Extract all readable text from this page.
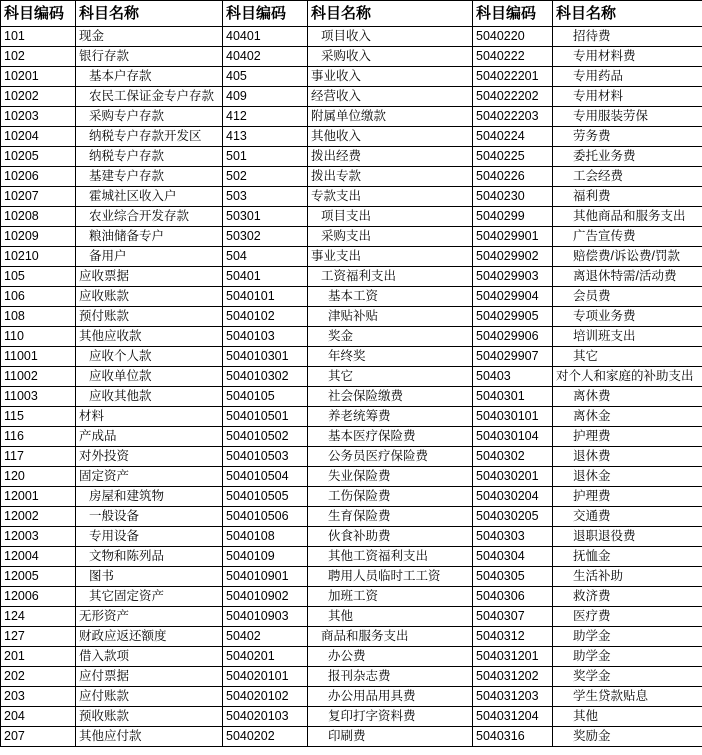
科目编码	科目名称	科目编码	科目名称	科目编码	科目名称
101	现金	40401	项目收入	5040220	招待费
102	银行存款	40402	采购收入	5040222	专用材料费
10201	基本户存款	405	事业收入	504022201	专用药品
10202	农民工保证金专户存款	409	经营收入	504022202	专用材料
10203	采购专户存款	412	附属单位缴款	504022203	专用服装劳保
10204	纳税专户存款开发区	413	其他收入	5040224	劳务费
10205	纳税专户存款	501	拨出经费	5040225	委托业务费
10206	基建专户存款	502	拨出专款	5040226	工会经费
10207	霍城社区收入户	503	专款支出	5040230	福利费
10208	农业综合开发存款	50301	项目支出	5040299	其他商品和服务支出
10209	粮油储备专户	50302	采购支出	504029901	广告宣传费
10210	备用户	504	事业支出	504029902	赔偿费/诉讼费/罚款
105	应收票据	50401	工资福利支出	504029903	离退休特需/活动费
106	应收账款	5040101	基本工资	504029904	会员费
108	预付账款	5040102	津贴补贴	504029905	专项业务费
110	其他应收款	5040103	奖金	504029906	培训班支出
11001	应收个人款	504010301	年终奖	504029907	其它
11002	应收单位款	504010302	其它	50403	对个人和家庭的补助支出
11003	应收其他款	5040105	社会保险缴费	5040301	离休费
115	材料	504010501	养老统筹费	504030101	离休金
116	产成品	504010502	基本医疗保险费	504030104	护理费
117	对外投资	504010503	公务员医疗保险费	5040302	退休费
120	固定资产	504010504	失业保险费	504030201	退休金
12001	房屋和建筑物	504010505	工伤保险费	504030204	护理费
12002	一般设备	504010506	生育保险费	504030205	交通费
12003	专用设备	5040108	伙食补助费	5040303	退职退役费
12004	文物和陈列品	5040109	其他工资福利支出	5040304	抚恤金
12005	图书	504010901	聘用人员临时工工资	5040305	生活补助
12006	其它固定资产	504010902	加班工资	5040306	救济费
124	无形资产	504010903	其他	5040307	医疗费
127	财政应返还额度	50402	商品和服务支出	5040312	助学金
201	借入款项	5040201	办公费	504031201	助学金
202	应付票据	504020101	报刊杂志费	504031202	奖学金
203	应付账款	504020102	办公用品用具费	504031203	学生贷款贴息
204	预收账款	504020103	复印打字资料费	504031204	其他
207	其他应付款	5040202	印刷费	5040316	奖励金
